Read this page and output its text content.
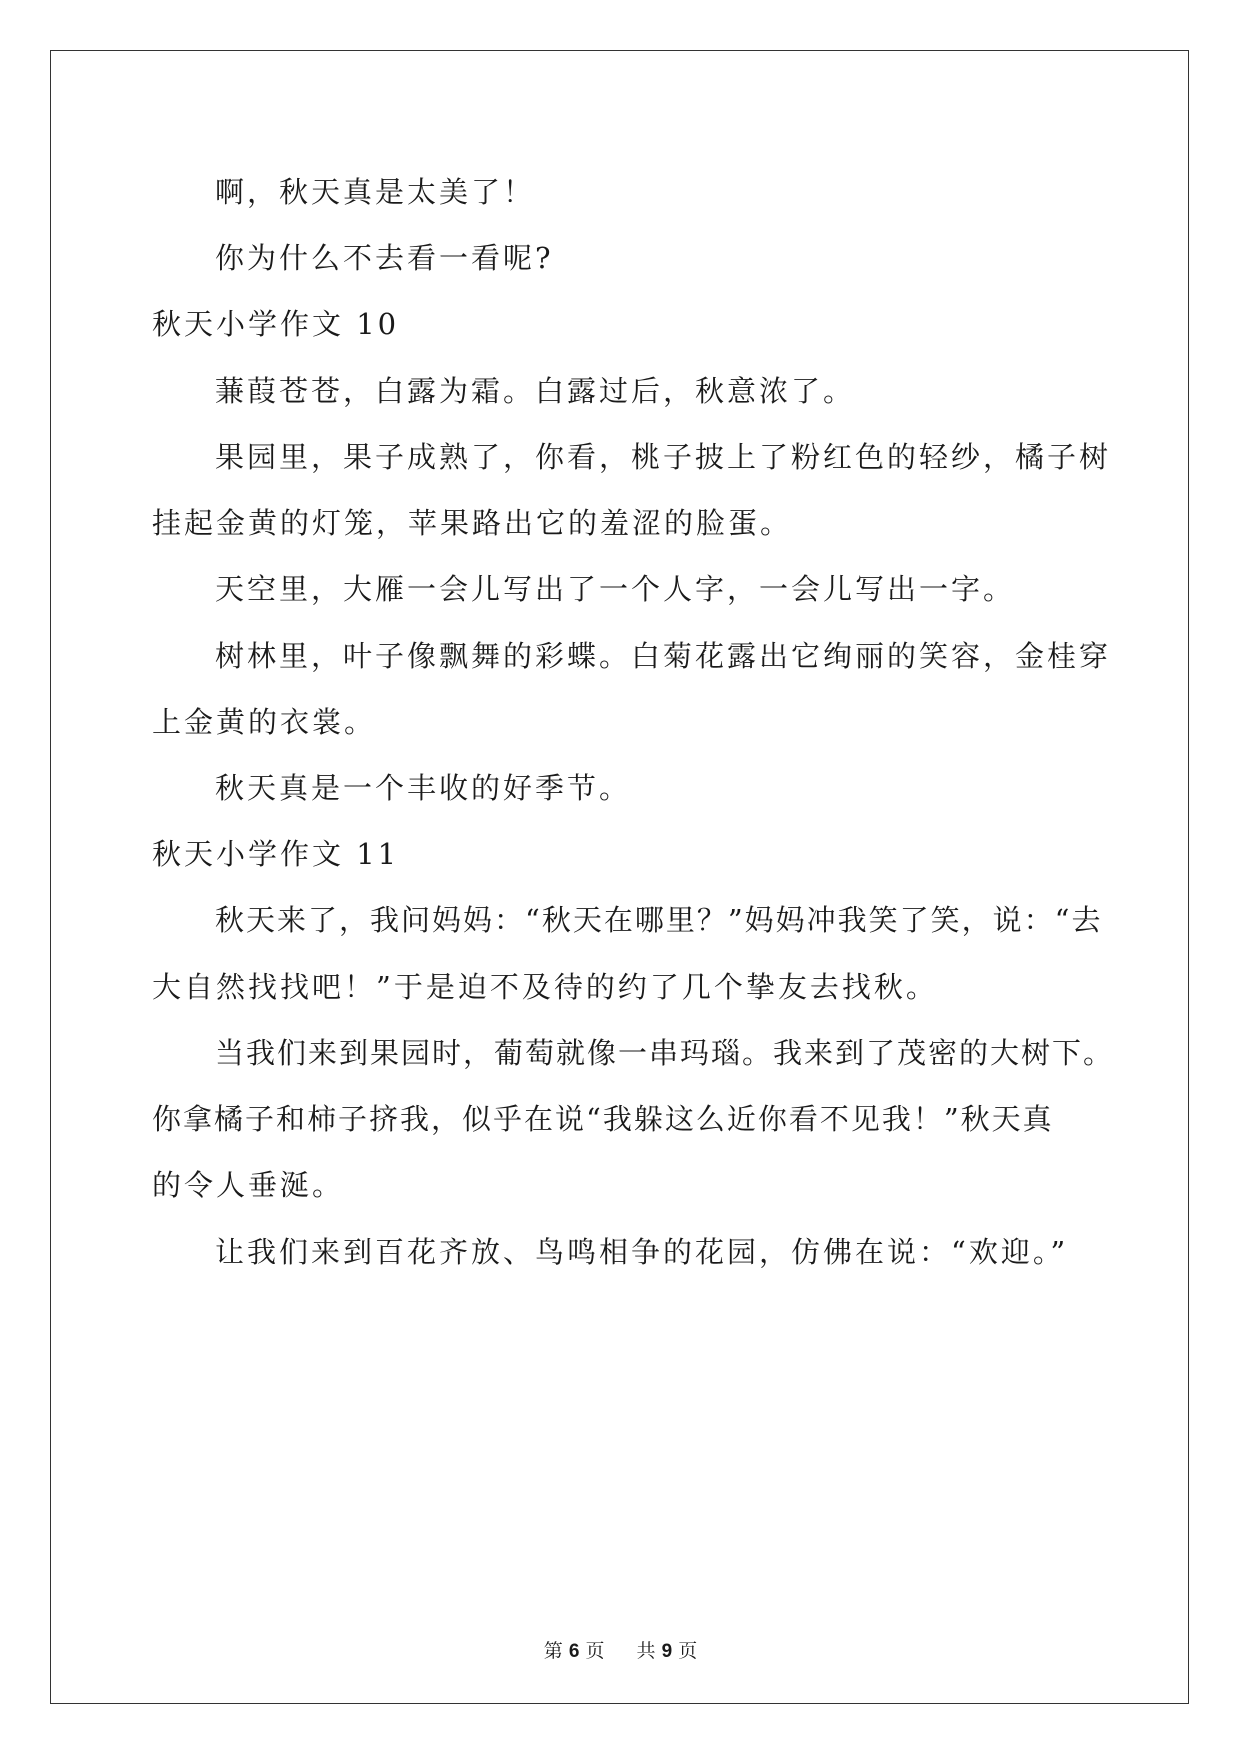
啊，秋天真是太美了！
你为什么不去看一看呢?
秋天小学作文 10
蒹葭苍苍，白露为霜。白露过后，秋意浓了。
果园里，果子成熟了，你看，桃子披上了粉红色的轻纱，橘子树
挂起金黄的灯笼，苹果路出它的羞涩的脸蛋。
天空里，大雁一会儿写出了一个人字，一会儿写出一字。
树林里，叶子像飘舞的彩蝶。白菊花露出它绚丽的笑容，金桂穿
上金黄的衣裳。
秋天真是一个丰收的好季节。
秋天小学作文 11
秋天来了，我问妈妈：“秋天在哪里？”妈妈冲我笑了笑，说：“去
大自然找找吧！”于是迫不及待的约了几个挚友去找秋。
当我们来到果园时，葡萄就像一串玛瑙。我来到了茂密的大树下。
你拿橘子和柿子挤我，似乎在说“我躲这么近你看不见我！”秋天真
的令人垂涎。
让我们来到百花齐放、鸟鸣相争的花园，仿佛在说：“欢迎。”
第 6 页 共 9 页
